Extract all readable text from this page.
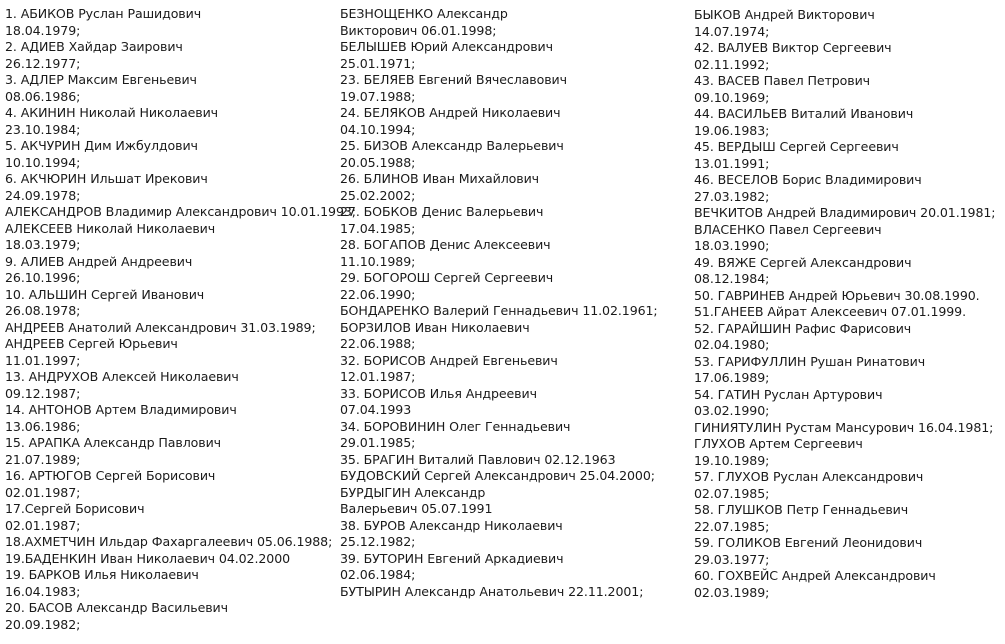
1. АБИКОВ Руслан Рашидович
18.04.1979;
2. АДИЕВ Хайдар Заирович
26.12.1977;
3. АДЛЕР Максим Евгеньевич
08.06.1986;
4. АКИНИН Николай Николаевич
23.10.1984;
5. АКЧУРИН Дим Ижбулдович
10.10.1994;
6. АКЧЮРИН Ильшат Ирекович
24.09.1978;
АЛЕКСАНДРОВ Владимир Александрович 10.01.1993;
АЛЕКСЕЕВ Николай Николаевич
18.03.1979;
9. АЛИЕВ Андрей Андреевич
26.10.1996;
10. АЛЬШИН Сергей Иванович
26.08.1978;
АНДРЕЕВ Анатолий Александрович 31.03.1989;
АНДРЕЕВ Сергей Юрьевич
11.01.1997;
13. АНДРУХОВ Алексей Николаевич
09.12.1987;
14. АНТОНОВ Артем Владимирович
13.06.1986;
15. АРАПКА Александр Павлович
21.07.1989;
16. АРТЮГОВ Сергей Борисович
02.01.1987;
17.Сергей Борисович
02.01.1987;
18.АХМЕТЧИН Ильдар Фахаргалеевич 05.06.1988;
19.БАДЕНКИН Иван Николаевич 04.02.2000
19. БАРКОВ Илья Николаевич
16.04.1983;
20. БАСОВ Александр Васильевич
20.09.1982;
БЕЗНОЩЕНКО Александр
Викторович 06.01.1998;
БЕЛЫШЕВ Юрий Александрович
25.01.1971;
23. БЕЛЯЕВ Евгений Вячеславович
19.07.1988;
24. БЕЛЯКОВ Андрей Николаевич
04.10.1994;
25. БИЗОВ Александр Валерьевич
20.05.1988;
26. БЛИНОВ Иван Михайлович
25.02.2002;
27. БОБКОВ Денис Валерьевич
17.04.1985;
28. БОГАПОВ Денис Алексеевич
11.10.1989;
29. БОГОРОШ Сергей Сергеевич
22.06.1990;
БОНДАРЕНКО Валерий Геннадьевич 11.02.1961;
БОРЗИЛОВ Иван Николаевич
22.06.1988;
32. БОРИСОВ Андрей Евгеньевич
12.01.1987;
33. БОРИСОВ Илья Андреевич
07.04.1993
34. БОРОВИНИН Олег Геннадьевич
29.01.1985;
35. БРАГИН Виталий Павлович 02.12.1963
БУДОВСКИЙ Сергей Александрович 25.04.2000;
БУРДЫГИН Александр
Валерьевич 05.07.1991
38. БУРОВ Александр Николаевич
25.12.1982;
39. БУТОРИН Евгений Аркадиевич
02.06.1984;
БУТЫРИН Александр Анатольевич 22.11.2001;
БЫКОВ Андрей Викторович
14.07.1974;
42. ВАЛУЕВ Виктор Сергеевич
02.11.1992;
43. ВАСЕВ Павел Петрович
09.10.1969;
44. ВАСИЛЬЕВ Виталий Иванович
19.06.1983;
45. ВЕРДЫШ Сергей Сергеевич
13.01.1991;
46. ВЕСЕЛОВ Борис Владимирович
27.03.1982;
ВЕЧКИТОВ Андрей Владимирович 20.01.1981;
ВЛАСЕНКО Павел Сергеевич
18.03.1990;
49. ВЯЖЕ Сергей Александрович
08.12.1984;
50. ГАВРИНЕВ Андрей Юрьевич 30.08.1990.
51.ГАНЕЕВ Айрат Алексеевич 07.01.1999.
52. ГАРАЙШИН Рафис Фарисович
02.04.1980;
53. ГАРИФУЛЛИН Рушан Ринатович
17.06.1989;
54. ГАТИН Руслан Артурович
03.02.1990;
ГИНИЯТУЛИН Рустам Мансурович 16.04.1981;
ГЛУХОВ Артем Сергеевич
19.10.1989;
57. ГЛУХОВ Руслан Александрович
02.07.1985;
58. ГЛУШКОВ Петр Геннадьевич
22.07.1985;
59. ГОЛИКОВ Евгений Леонидович
29.03.1977;
60. ГОХВЕЙС Андрей Александрович
02.03.1989;
